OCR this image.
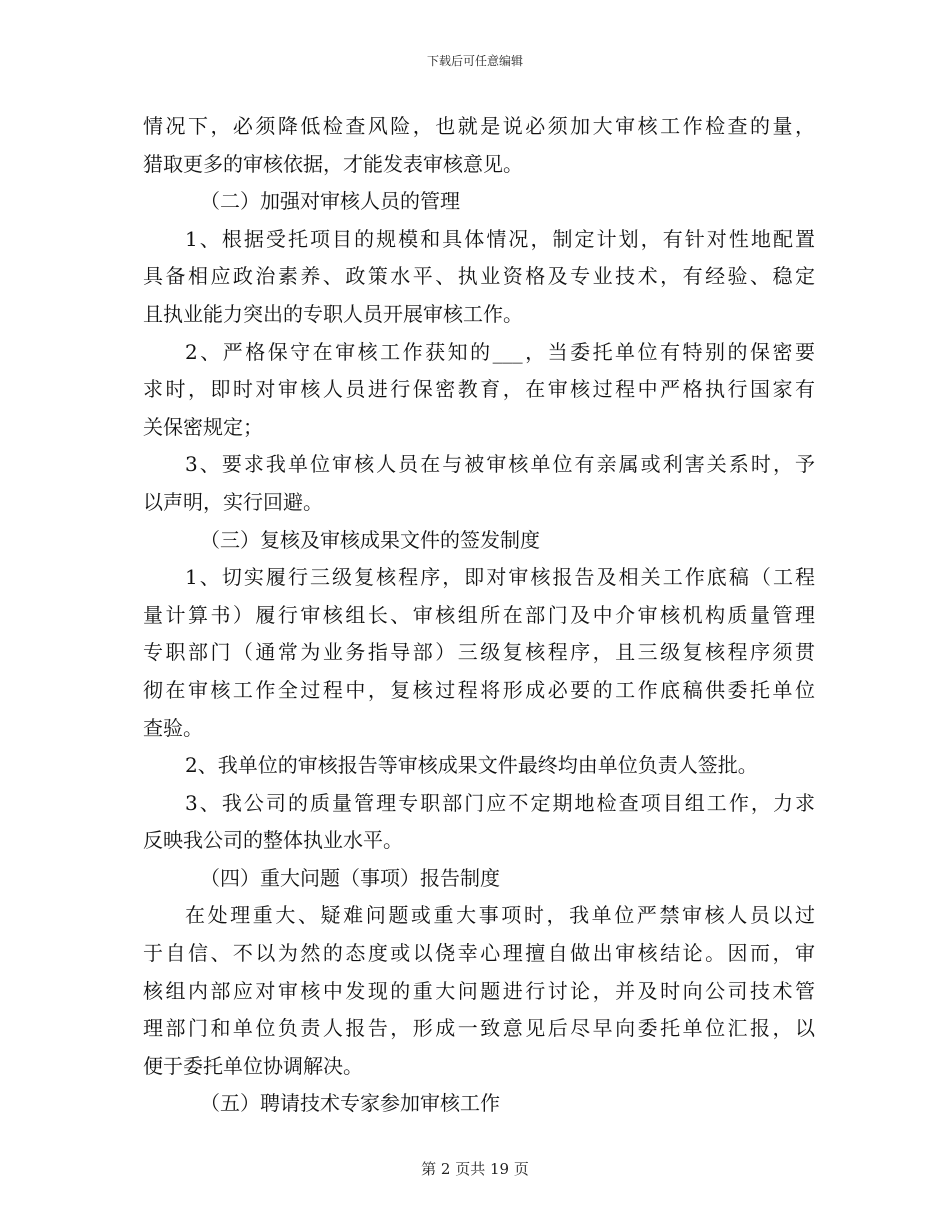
下载后可任意编辑
情况下，必须降低检查风险，也就是说必须加大审核工作检查的量，
猎取更多的审核依据，才能发表审核意见。
（二）加强对审核人员的管理
1、根据受托项目的规模和具体情况，制定计划，有针对性地配置
具备相应政治素养、政策水平、执业资格及专业技术，有经验、稳定
且执业能力突出的专职人员开展审核工作。
2、严格保守在审核工作获知的___，当委托单位有特别的保密要
求时，即时对审核人员进行保密教育，在审核过程中严格执行国家有
关保密规定；
3、要求我单位审核人员在与被审核单位有亲属或利害关系时，予
以声明，实行回避。
（三）复核及审核成果文件的签发制度
1、切实履行三级复核程序，即对审核报告及相关工作底稿（工程
量计算书）履行审核组长、审核组所在部门及中介审核机构质量管理
专职部门（通常为业务指导部）三级复核程序，且三级复核程序须贯
彻在审核工作全过程中，复核过程将形成必要的工作底稿供委托单位
查验。
2、我单位的审核报告等审核成果文件最终均由单位负责人签批。
3、我公司的质量管理专职部门应不定期地检查项目组工作，力求
反映我公司的整体执业水平。
（四）重大问题（事项）报告制度
在处理重大、疑难问题或重大事项时，我单位严禁审核人员以过
于自信、不以为然的态度或以侥幸心理擅自做出审核结论。因而，审
核组内部应对审核中发现的重大问题进行讨论，并及时向公司技术管
理部门和单位负责人报告，形成一致意见后尽早向委托单位汇报，以
便于委托单位协调解决。
（五）聘请技术专家参加审核工作
第 2 页共 19 页
